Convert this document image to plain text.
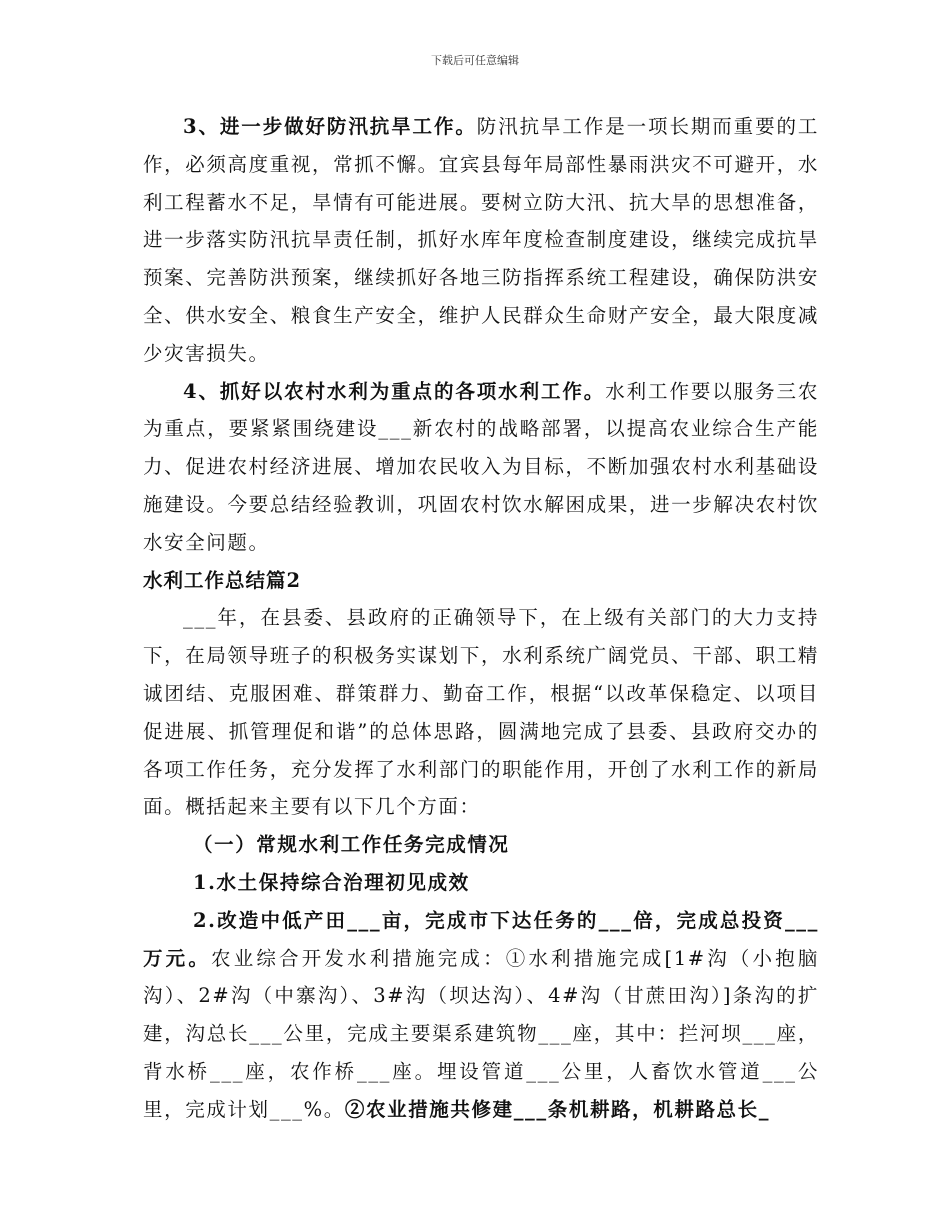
下载后可任意编辑

3、进一步做好防汛抗旱工作。防汛抗旱工作是一项长期而重要的工作，必须高度重视，常抓不懈。宜宾县每年局部性暴雨洪灾不可避开，水利工程蓄水不足，旱情有可能进展。要树立防大汛、抗大旱的思想准备，进一步落实防汛抗旱责任制，抓好水库年度检查制度建设，继续完成抗旱预案、完善防洪预案，继续抓好各地三防指挥系统工程建设，确保防洪安全、供水安全、粮食生产安全，维护人民群众生命财产安全，最大限度减少灾害损失。

4、抓好以农村水利为重点的各项水利工作。水利工作要以服务三农为重点，要紧紧围绕建设___新农村的战略部署，以提高农业综合生产能力、促进农村经济进展、增加农民收入为目标，不断加强农村水利基础设施建设。今要总结经验教训，巩固农村饮水解困成果，进一步解决农村饮水安全问题。

水利工作总结篇2

___年，在县委、县政府的正确领导下，在上级有关部门的大力支持下，在局领导班子的积极务实谋划下，水利系统广阔党员、干部、职工精诚团结、克服困难、群策群力、勤奋工作，根据“以改革保稳定、以项目促进展、抓管理促和谐”的总体思路，圆满地完成了县委、县政府交办的各项工作任务，充分发挥了水利部门的职能作用，开创了水利工作的新局面。概括起来主要有以下几个方面：

（一）常规水利工作任务完成情况

1.水土保持综合治理初见成效

2.改造中低产田___亩，完成市下达任务的___倍，完成总投资___万元。农业综合开发水利措施完成：①水利措施完成[1#沟（小抱脑沟）、2#沟（中寨沟）、3#沟（坝达沟）、4#沟（甘蔗田沟）]条沟的扩建，沟总长___公里，完成主要渠系建筑物___座，其中：拦河坝___座，背水桥___座，农作桥___座。埋设管道___公里，人畜饮水管道___公里，完成计划___%。②农业措施共修建___条机耕路，机耕路总长_
